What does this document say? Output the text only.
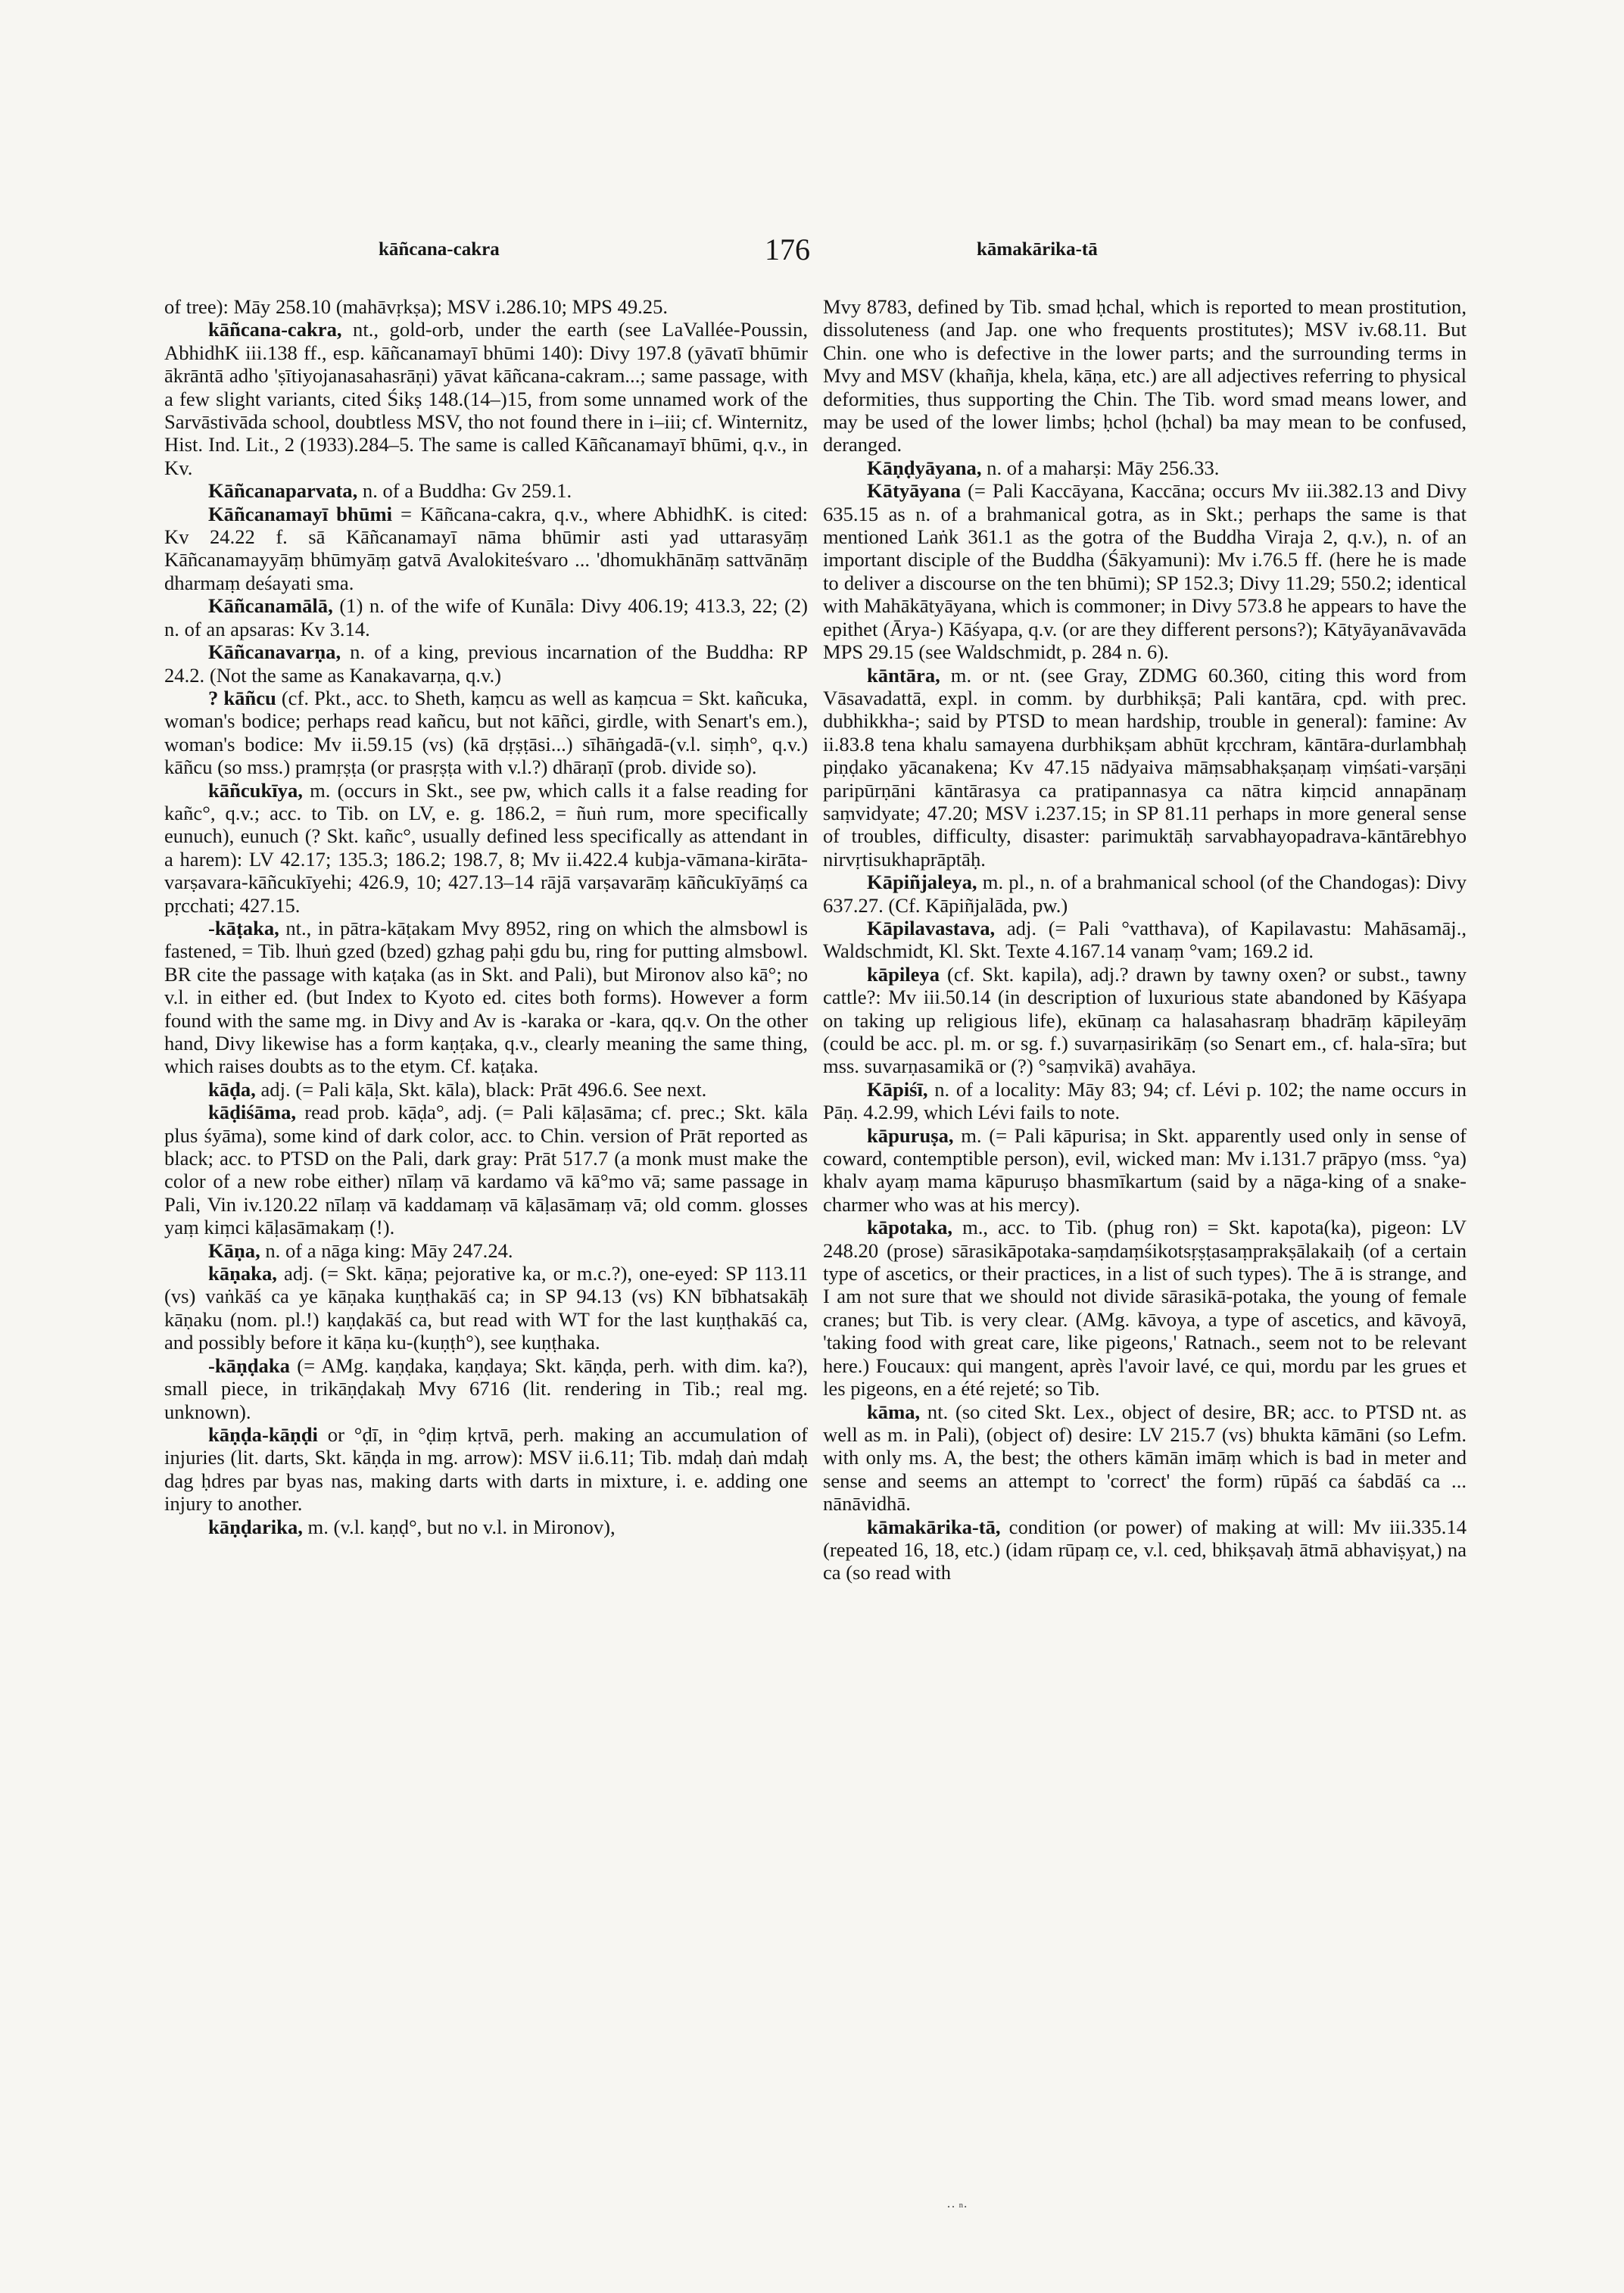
kāñcana-cakra	176	kāmakārika-tā

of tree): Māy 258.10 (mahāvṛkṣa); MSV i.286.10; MPS 49.25.

kāñcana-cakra, nt., gold-orb, under the earth (see LaVallée-Poussin, AbhidhK iii.138 ff., esp. kāñcanamayī bhūmi 140): Divy 197.8 (yāvatī bhūmir ākrāntā adho 'ṣītiyojanasahasrāṇi) yāvat kāñcana-cakram...; same passage, with a few slight variants, cited Śikṣ 148.(14–)15, from some unnamed work of the Sarvāstivāda school, doubtless MSV, tho not found there in i–iii; cf. Winternitz, Hist. Ind. Lit., 2 (1933).284–5. The same is called Kāñcanamayī bhūmi, q.v., in Kv.

Kāñcanaparvata, n. of a Buddha: Gv 259.1.

Kāñcanamayī bhūmi = Kāñcana-cakra, q.v., where AbhidhK. is cited: Kv 24.22 f. sā Kāñcanamayī nāma bhūmir asti yad uttarasyāṃ Kāñcanamayyāṃ bhūmyāṃ gatvā Avalokiteśvaro ... 'dhomukhānāṃ sattvānāṃ dharmaṃ deśayati sma.

Kāñcanamālā, (1) n. of the wife of Kunāla: Divy 406.19; 413.3, 22; (2) n. of an apsaras: Kv 3.14.

Kāñcanavarṇa, n. of a king, previous incarnation of the Buddha: RP 24.2. (Not the same as Kanakavarṇa, q.v.)

? kāñcu (cf. Pkt., acc. to Sheth, kaṃcu as well as kaṃcua = Skt. kañcuka, woman's bodice; perhaps read kañcu, but not kāñci, girdle, with Senart's em.), woman's bodice: Mv ii.59.15 (vs) (kā dṛṣṭāsi...) sīhāṅgadā-(v.l. siṃh°, q.v.) kāñcu (so mss.) pramṛṣṭa (or prasṛṣṭa with v.l.?) dhāraṇī (prob. divide so).

kāñcukīya, m. (occurs in Skt., see pw, which calls it a false reading for kañc°, q.v.; acc. to Tib. on LV, e. g. 186.2, = ñuṅ rum, more specifically eunuch), eunuch (? Skt. kañc°, usually defined less specifically as attendant in a harem): LV 42.17; 135.3; 186.2; 198.7, 8; Mv ii.422.4 kubja-vāmana-kirāta-varṣavara-kāñcukīyehi; 426.9, 10; 427.13–14 rājā varṣavarāṃ kāñcukīyāṃś ca pṛcchati; 427.15.

-kāṭaka, nt., in pātra-kāṭakam Mvy 8952, ring on which the almsbowl is fastened, = Tib. lhuṅ gzed (bzed) gzhag paḥi gdu bu, ring for putting almsbowl. BR cite the passage with kaṭaka (as in Skt. and Pali), but Mironov also kā°; no v.l. in either ed. (but Index to Kyoto ed. cites both forms). However a form found with the same mg. in Divy and Av is -karaka or -kara, qq.v. On the other hand, Divy likewise has a form kaṇṭaka, q.v., clearly meaning the same thing, which raises doubts as to the etym. Cf. kaṭaka.

kāḍa, adj. (= Pali kāḷa, Skt. kāla), black: Prāt 496.6. See next.

kāḍiśāma, read prob. kāḍa°, adj. (= Pali kāḷasāma; cf. prec.; Skt. kāla plus śyāma), some kind of dark color, acc. to Chin. version of Prāt reported as black; acc. to PTSD on the Pali, dark gray: Prāt 517.7 (a monk must make the color of a new robe either) nīlaṃ vā kardamo vā kā°mo vā; same passage in Pali, Vin iv.120.22 nīlaṃ vā kaddamaṃ vā kāḷasāmaṃ vā; old comm. glosses yaṃ kiṃci kāḷasāmakaṃ (!).

Kāṇa, n. of a nāga king: Māy 247.24.

kāṇaka, adj. (= Skt. kāṇa; pejorative ka, or m.c.?), one-eyed: SP 113.11 (vs) vaṅkāś ca ye kāṇaka kuṇṭhakāś ca; in SP 94.13 (vs) KN bībhatsakāḥ kāṇaku (nom. pl.!) kaṇḍakāś ca, but read with WT for the last kuṇṭhakāś ca, and possibly before it kāṇa ku-(kuṇṭh°), see kuṇṭhaka.

-kāṇḍaka (= AMg. kaṇḍaka, kaṇḍaya; Skt. kāṇḍa, perh. with dim. ka?), small piece, in trikāṇḍakaḥ Mvy 6716 (lit. rendering in Tib.; real mg. unknown).

kāṇḍa-kāṇḍi or °ḍī, in °ḍiṃ kṛtvā, perh. making an accumulation of injuries (lit. darts, Skt. kāṇḍa in mg. arrow): MSV ii.6.11; Tib. mdaḥ daṅ mdaḥ dag ḥdres par byas nas, making darts with darts in mixture, i. e. adding one injury to another.

kāṇḍarika, m. (v.l. kaṇḍ°, but no v.l. in Mironov),

Mvy 8783, defined by Tib. smad ḥchal, which is reported to mean prostitution, dissoluteness (and Jap. one who frequents prostitutes); MSV iv.68.11. But Chin. one who is defective in the lower parts; and the surrounding terms in Mvy and MSV (khañja, khela, kāṇa, etc.) are all adjectives referring to physical deformities, thus supporting the Chin. The Tib. word smad means lower, and may be used of the lower limbs; ḥchol (ḥchal) ba may mean to be confused, deranged.

Kāṇḍyāyana, n. of a maharṣi: Māy 256.33.

Kātyāyana (= Pali Kaccāyana, Kaccāna; occurs Mv iii.382.13 and Divy 635.15 as n. of a brahmanical gotra, as in Skt.; perhaps the same is that mentioned Laṅk 361.1 as the gotra of the Buddha Viraja 2, q.v.), n. of an important disciple of the Buddha (Śākyamuni): Mv i.76.5 ff. (here he is made to deliver a discourse on the ten bhūmi); SP 152.3; Divy 11.29; 550.2; identical with Mahākātyāyana, which is commoner; in Divy 573.8 he appears to have the epithet (Ārya-) Kāśyapa, q.v. (or are they different persons?); Kātyāyanāvavāda MPS 29.15 (see Waldschmidt, p. 284 n. 6).

kāntāra, m. or nt. (see Gray, ZDMG 60.360, citing this word from Vāsavadattā, expl. in comm. by durbhikṣā; Pali kantāra, cpd. with prec. dubhikkha-; said by PTSD to mean hardship, trouble in general): famine: Av ii.83.8 tena khalu samayena durbhikṣam abhūt kṛcchram, kāntāra-durlambhaḥ piṇḍako yācanakena; Kv 47.15 nādyaiva māṃsabhakṣaṇaṃ viṃśati-varṣāṇi paripūrṇāni kāntārasya ca pratipannasya ca nātra kiṃcid annapānaṃ saṃvidyate; 47.20; MSV i.237.15; in SP 81.11 perhaps in more general sense of troubles, difficulty, disaster: parimuktāḥ sarvabhayopadrava-kāntārebhyo nirvṛtisukhaprāptāḥ.

Kāpiñjaleya, m. pl., n. of a brahmanical school (of the Chandogas): Divy 637.27. (Cf. Kāpiñjalāda, pw.)

Kāpilavastava, adj. (= Pali °vatthava), of Kapilavastu: Mahāsamāj., Waldschmidt, Kl. Skt. Texte 4.167.14 vanaṃ °vam; 169.2 id.

kāpileya (cf. Skt. kapila), adj.? drawn by tawny oxen? or subst., tawny cattle?: Mv iii.50.14 (in description of luxurious state abandoned by Kāśyapa on taking up religious life), ekūnaṃ ca halasahasraṃ bhadrāṃ kāpileyāṃ (could be acc. pl. m. or sg. f.) suvarṇasirikāṃ (so Senart em., cf. hala-sīra; but mss. suvarṇasamikā or (?) °saṃvikā) avahāya.

Kāpiśī, n. of a locality: Māy 83; 94; cf. Lévi p. 102; the name occurs in Pāṇ. 4.2.99, which Lévi fails to note.

kāpuruṣa, m. (= Pali kāpurisa; in Skt. apparently used only in sense of coward, contemptible person), evil, wicked man: Mv i.131.7 prāpyo (mss. °ya) khalv ayaṃ mama kāpuruṣo bhasmīkartum (said by a nāga-king of a snake-charmer who was at his mercy).

kāpotaka, m., acc. to Tib. (phug ron) = Skt. kapota(ka), pigeon: LV 248.20 (prose) sārasikāpotaka-saṃdaṃśikotsṛṣṭasaṃprakṣālakaiḥ (of a certain type of ascetics, or their practices, in a list of such types). The ā is strange, and I am not sure that we should not divide sārasikā-potaka, the young of female cranes; but Tib. is very clear. (AMg. kāvoya, a type of ascetics, and kāvoyā, 'taking food with great care, like pigeons,' Ratnach., seem not to be relevant here.) Foucaux: qui mangent, après l'avoir lavé, ce qui, mordu par les grues et les pigeons, en a été rejeté; so Tib.

kāma, nt. (so cited Skt. Lex., object of desire, BR; acc. to PTSD nt. as well as m. in Pali), (object of) desire: LV 215.7 (vs) bhukta kāmāni (so Lefm. with only ms. A, the best; the others kāmān imāṃ which is bad in meter and sense and seems an attempt to 'correct' the form) rūpāś ca śabdāś ca ... nānāvidhā.

kāmakārika-tā, condition (or power) of making at will: Mv iii.335.14 (repeated 16, 18, etc.) (idam rūpaṃ ce, v.l. ced, bhikṣavaḥ ātmā abhaviṣyat,) na ca (so read with

·· ⁿ·
